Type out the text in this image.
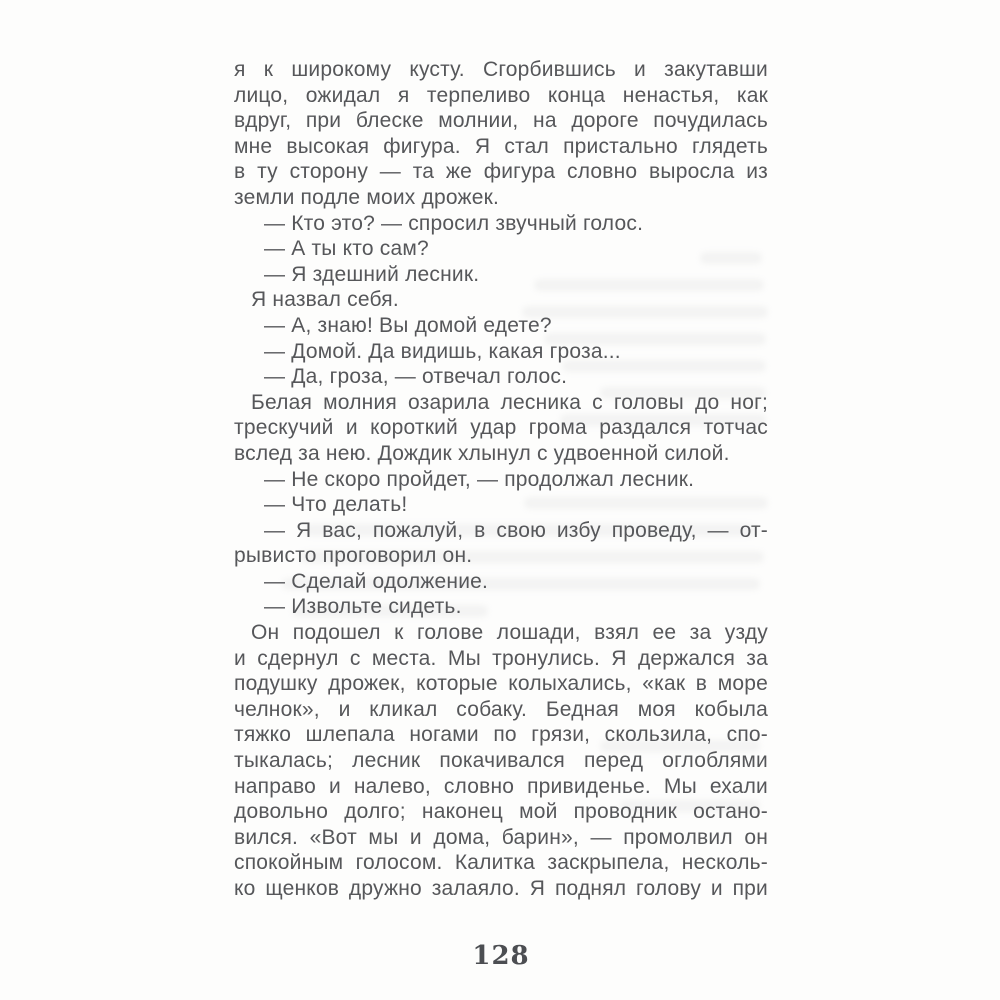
я к широкому кусту. Сгорбившись и закутавши
лицо, ожидал я терпеливо конца ненастья, как
вдруг, при блеске молнии, на дороге почудилась
мне высокая фигура. Я стал пристально глядеть
в ту сторону — та же фигура словно выросла из
земли подле моих дрожек.
— Кто это? — спросил звучный голос.
— А ты кто сам?
— Я здешний лесник.
Я назвал себя.
— А, знаю! Вы домой едете?
— Домой. Да видишь, какая гроза...
— Да, гроза, — отвечал голос.
Белая молния озарила лесника с головы до ног;
трескучий и короткий удар грома раздался тотчас
вслед за нею. Дождик хлынул с удвоенной силой.
— Не скоро пройдет, — продолжал лесник.
— Что делать!
— Я вас, пожалуй, в свою избу проведу, — от-
рывисто проговорил он.
— Сделай одолжение.
— Извольте сидеть.
Он подошел к голове лошади, взял ее за узду
и сдернул с места. Мы тронулись. Я держался за
подушку дрожек, которые колыхались, «как в море
челнок», и кликал собаку. Бедная моя кобыла
тяжко шлепала ногами по грязи, скользила, спо-
тыкалась; лесник покачивался перед оглоблями
направо и налево, словно привиденье. Мы ехали
довольно долго; наконец мой проводник остано-
вился. «Вот мы и дома, барин», — промолвил он
спокойным голосом. Калитка заскрыпела, несколь-
ко щенков дружно залаяло. Я поднял голову и при
128
